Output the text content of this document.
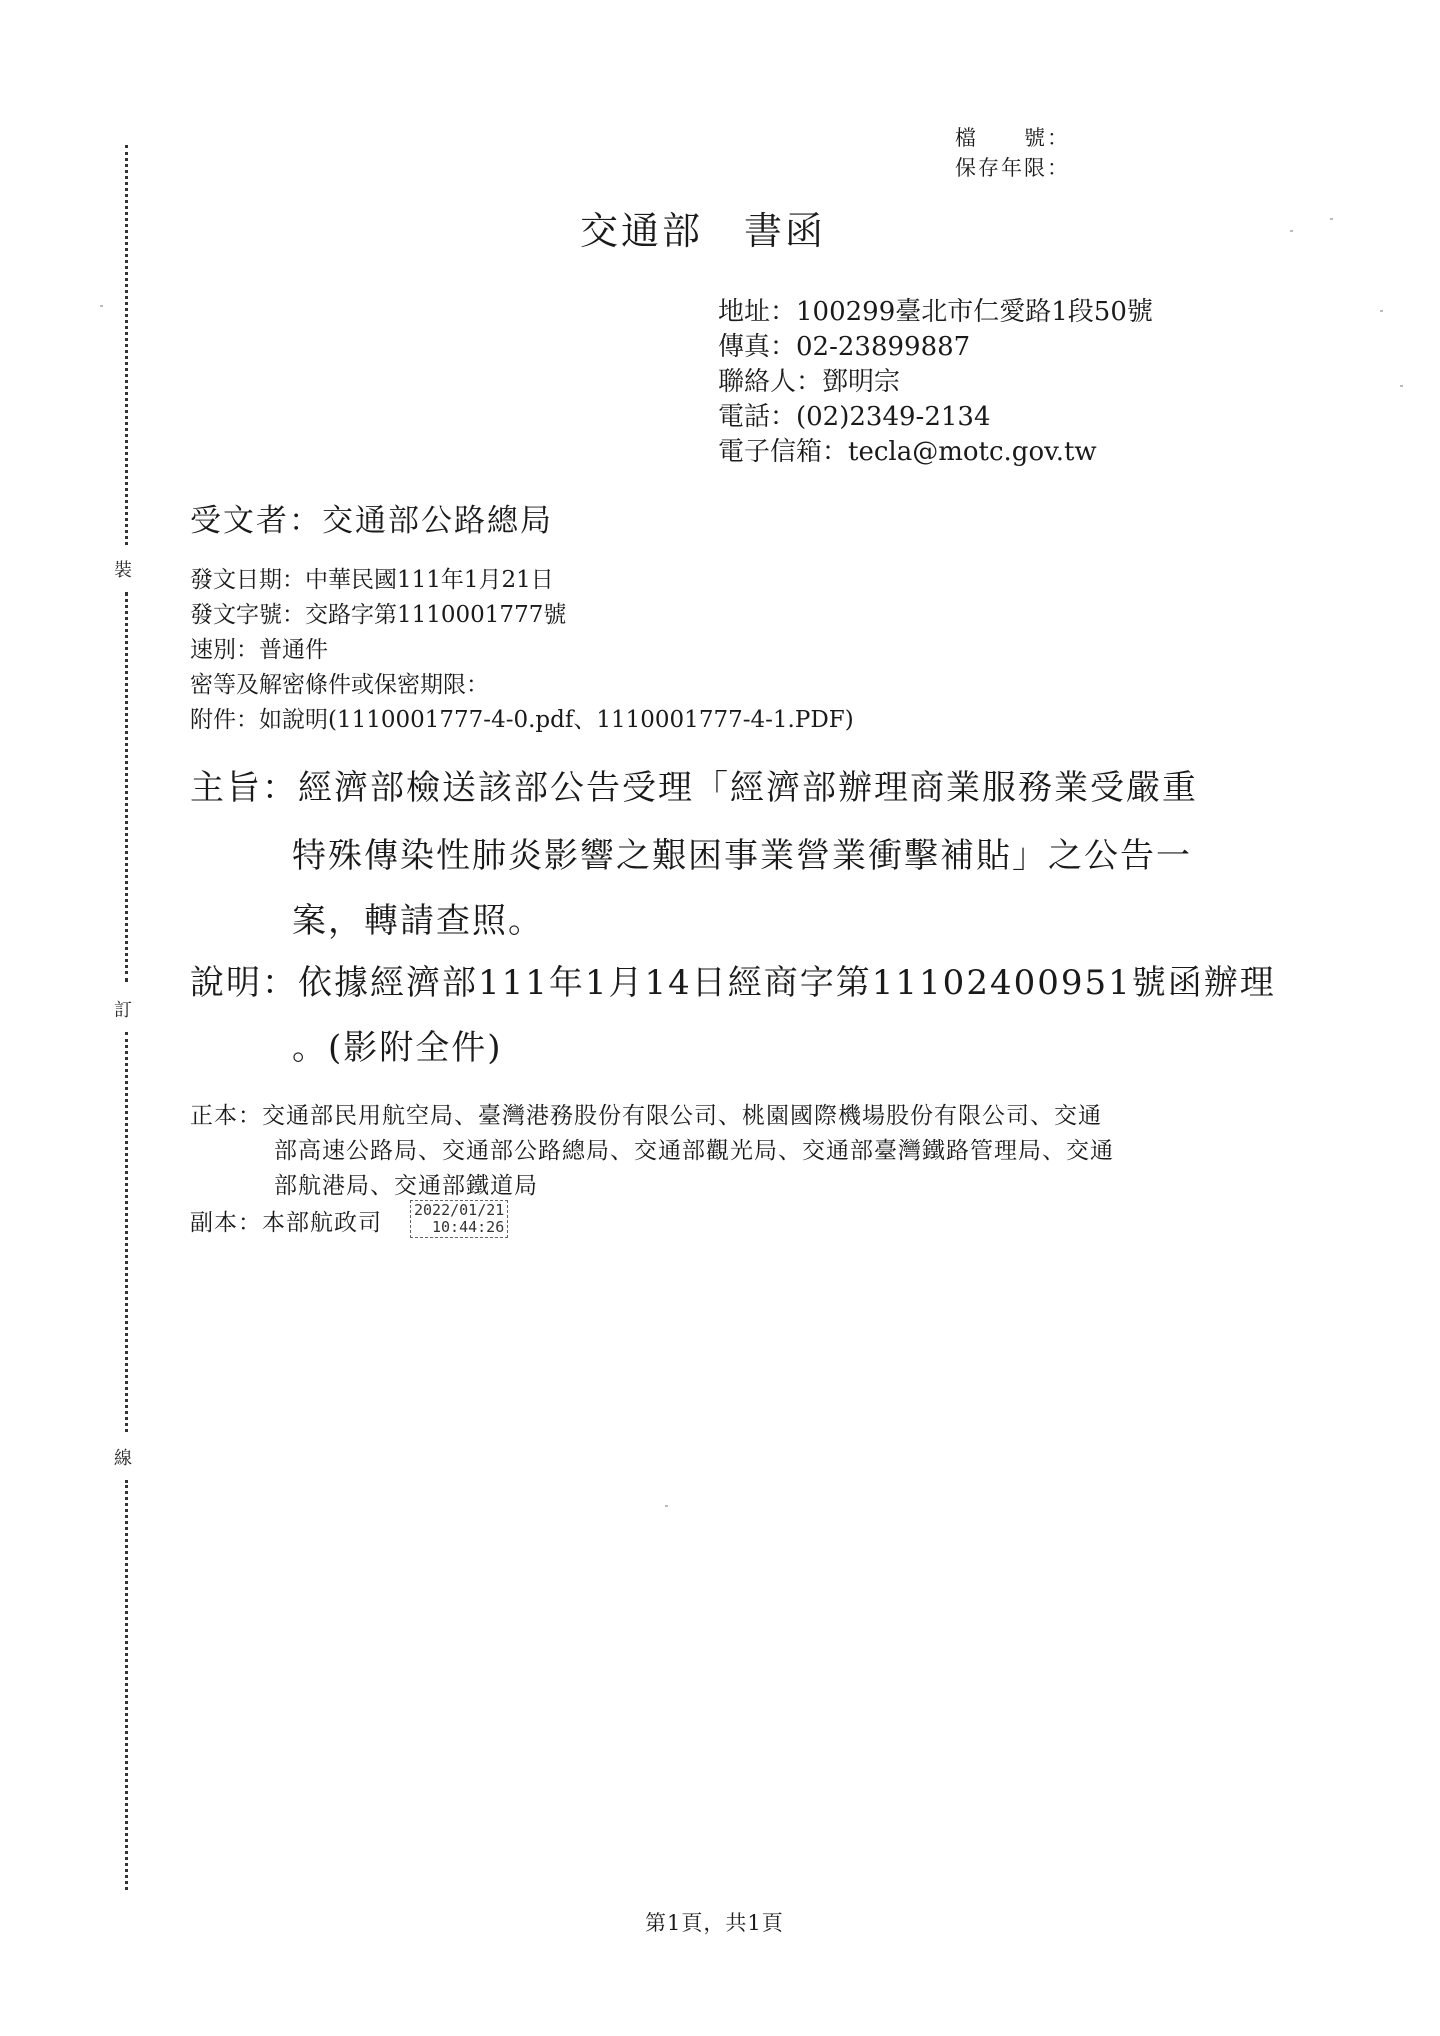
裝
訂
線
檔　　號：
保存年限：
交通部　書函
地址：100299臺北市仁愛路1段50號
傳真：02-23899887
聯絡人：鄧明宗
電話：(02)2349-2134
電子信箱：tecla@motc.gov.tw
受文者：交通部公路總局
發文日期：中華民國111年1月21日
發文字號：交路字第1110001777號
速別：普通件
密等及解密條件或保密期限：
附件：如說明(1110001777-4-0.pdf、1110001777-4-1.PDF)
主旨：經濟部檢送該部公告受理「經濟部辦理商業服務業受嚴重
特殊傳染性肺炎影響之艱困事業營業衝擊補貼」之公告一
案，轉請查照。
說明：依據經濟部111年1月14日經商字第11102400951號函辦理
。(影附全件)
正本：交通部民用航空局、臺灣港務股份有限公司、桃園國際機場股份有限公司、交通
部高速公路局、交通部公路總局、交通部觀光局、交通部臺灣鐵路管理局、交通
部航港局、交通部鐵道局
副本：本部航政司 2022/01/21
10:44:26
第1頁，共1頁
